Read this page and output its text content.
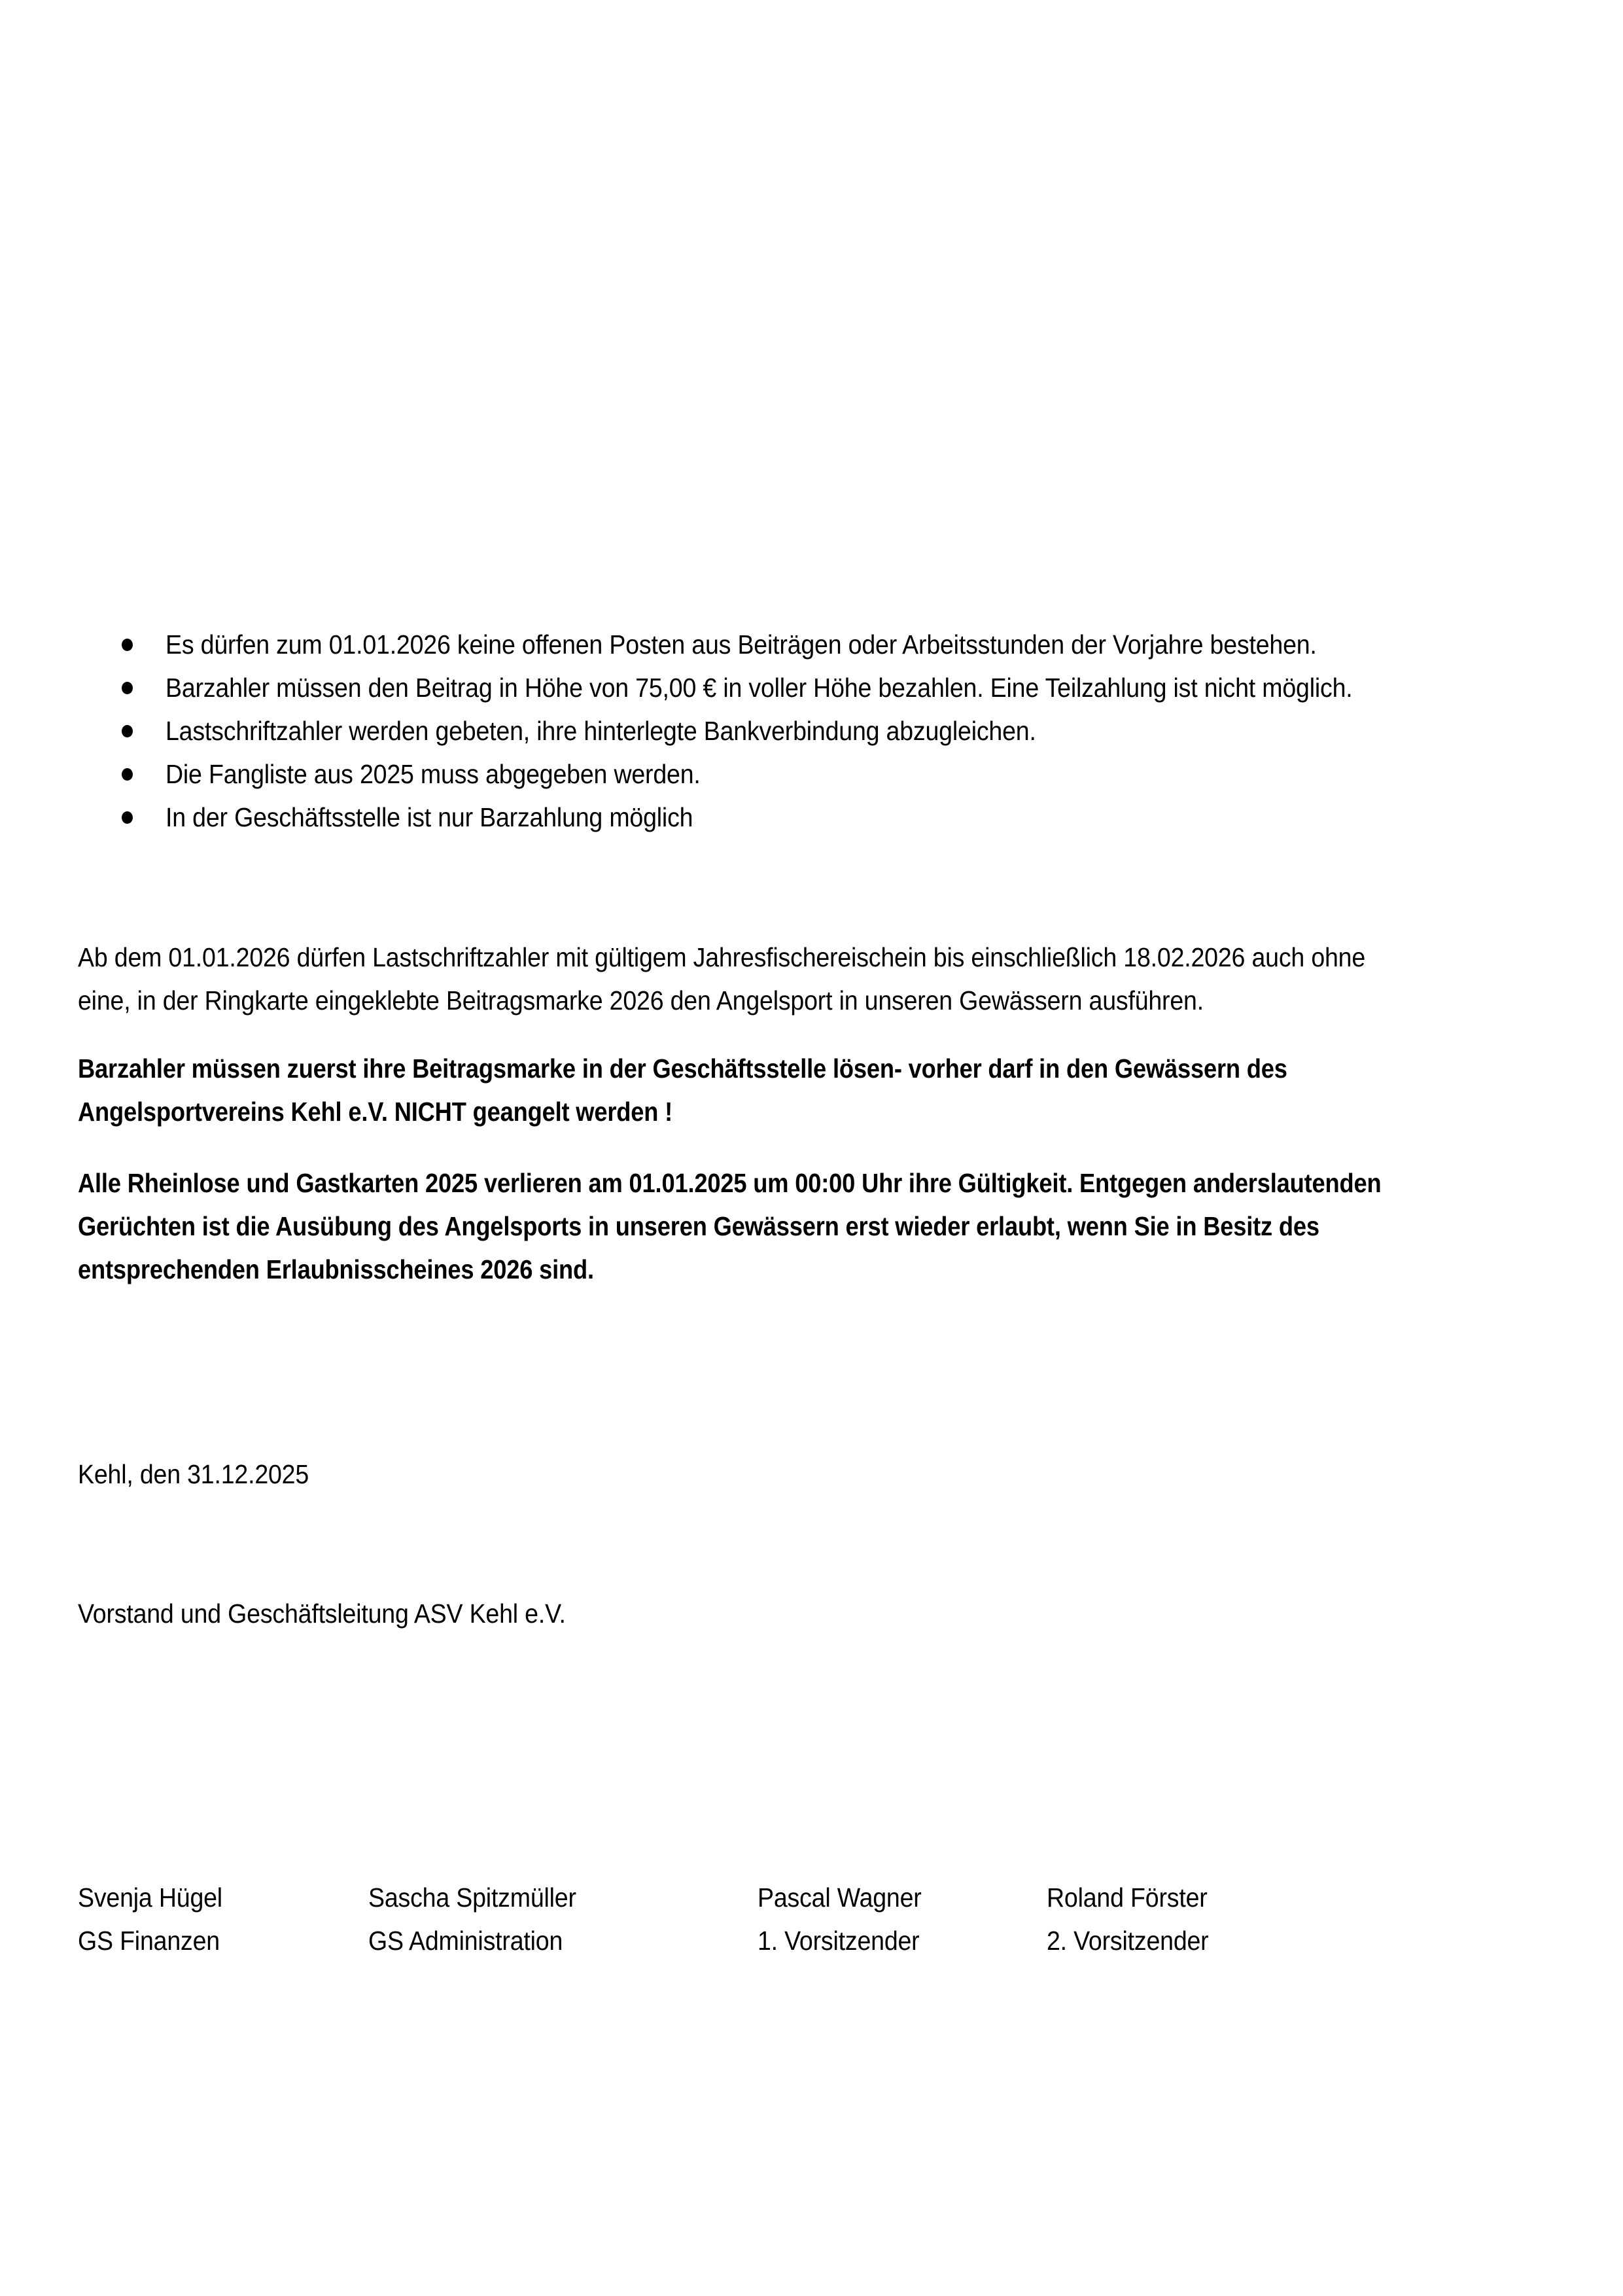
Es dürfen zum 01.01.2026 keine offenen Posten aus Beiträgen oder Arbeitsstunden der Vorjahre bestehen.
Barzahler müssen den Beitrag in Höhe von 75,00 € in voller Höhe bezahlen. Eine Teilzahlung ist nicht möglich.
Lastschriftzahler werden gebeten, ihre hinterlegte Bankverbindung abzugleichen.
Die Fangliste aus 2025 muss abgegeben werden.
In der Geschäftsstelle ist nur Barzahlung möglich
Ab dem 01.01.2026 dürfen Lastschriftzahler mit gültigem Jahresfischereischein bis einschließlich 18.02.2026 auch ohne
eine, in der Ringkarte eingeklebte Beitragsmarke 2026 den Angelsport in unseren Gewässern ausführen.
Barzahler müssen zuerst ihre Beitragsmarke in der Geschäftsstelle lösen- vorher darf in den Gewässern des
Angelsportvereins Kehl e.V. NICHT geangelt werden !
Alle Rheinlose und Gastkarten 2025 verlieren am 01.01.2025 um 00:00 Uhr ihre Gültigkeit. Entgegen anderslautenden
Gerüchten ist die Ausübung des Angelsports in unseren Gewässern erst wieder erlaubt, wenn Sie in Besitz des
entsprechenden Erlaubnisscheines 2026 sind.
Kehl, den 31.12.2025
Vorstand und Geschäftsleitung ASV Kehl e.V.
Svenja Hügel
GS Finanzen
Sascha Spitzmüller
GS Administration
Pascal Wagner
1. Vorsitzender
Roland Förster
2. Vorsitzender
